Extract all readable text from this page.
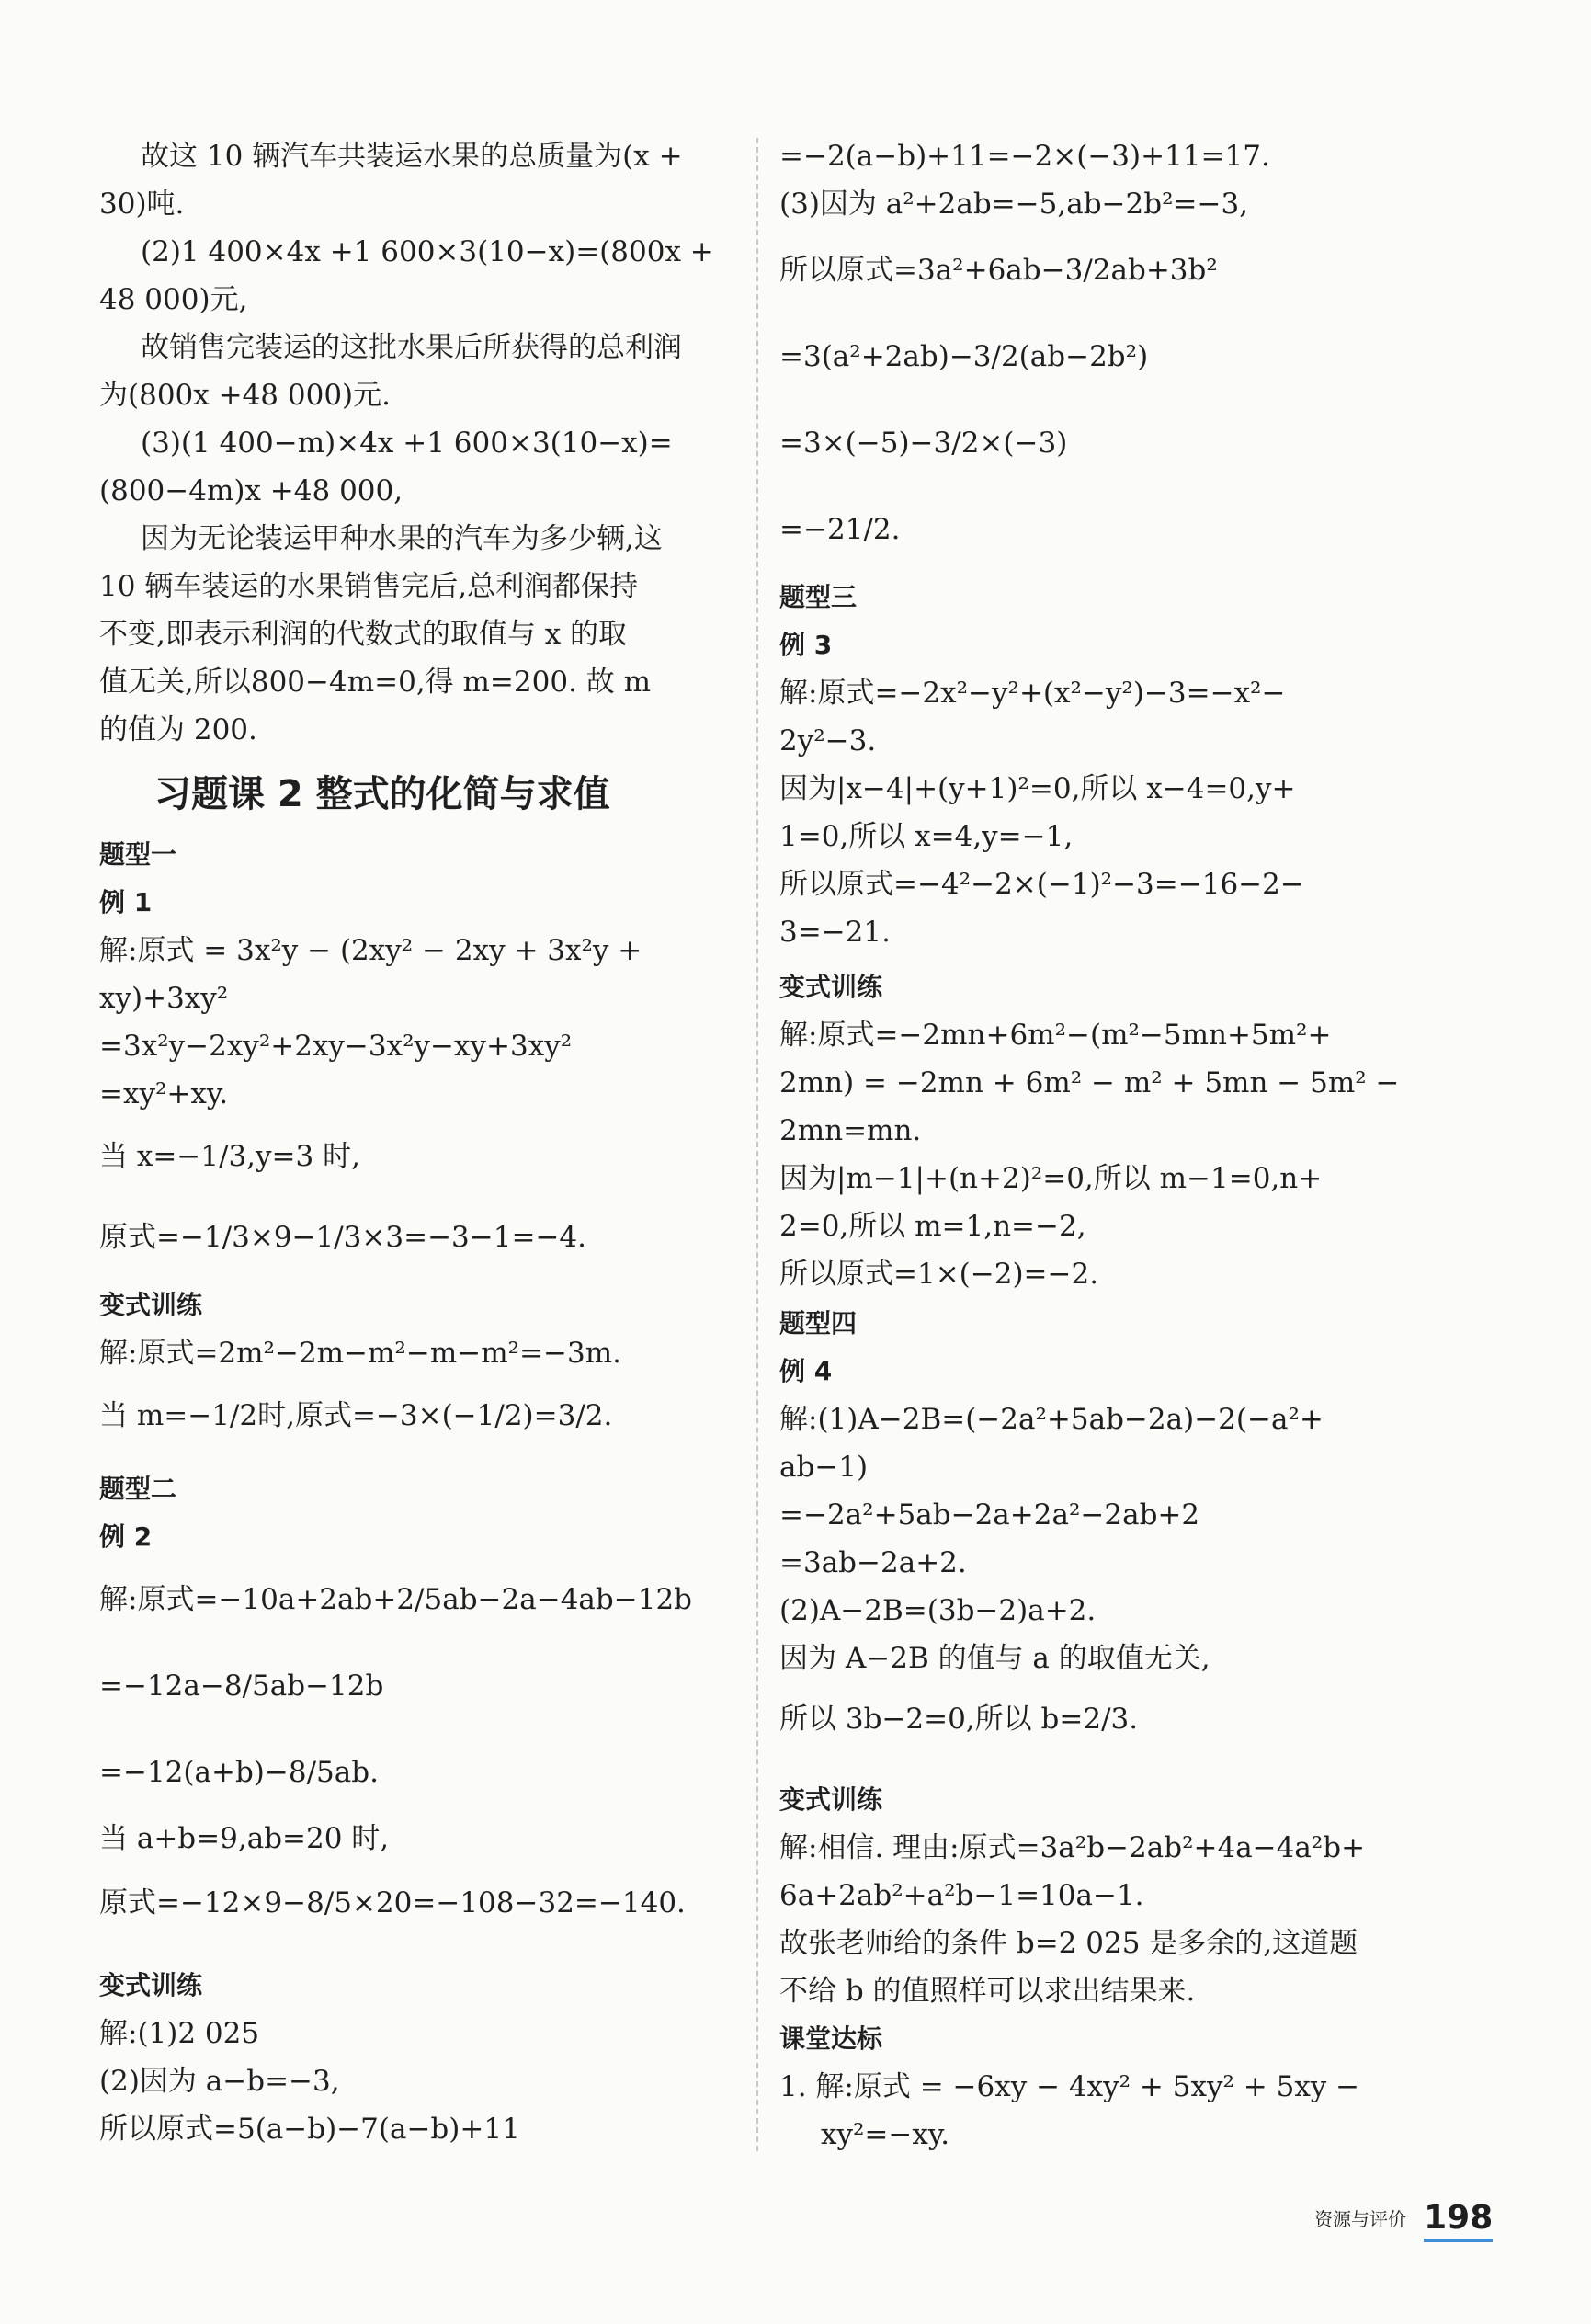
故这 10 辆汽车共装运水果的总质量为(x +
30)吨.
(2)1 400×4x +1 600×3(10−x)=(800x +
48 000)元,
故销售完装运的这批水果后所获得的总利润
为(800x +48 000)元.
(3)(1 400−m)×4x +1 600×3(10−x)=
(800−4m)x +48 000,
因为无论装运甲种水果的汽车为多少辆,这
10 辆车装运的水果销售完后,总利润都保持
不变,即表示利润的代数式的取值与 x 的取
值无关,所以800−4m=0,得 m=200. 故 m
的值为 200.
习题课 2 整式的化简与求值
题型一
例 1
解:原式 = 3x²y − (2xy² − 2xy + 3x²y +
xy)+3xy²
=3x²y−2xy²+2xy−3x²y−xy+3xy²
=xy²+xy.
当 x=−1/3,y=3 时,
原式=−1/3×9−1/3×3=−3−1=−4.
变式训练
解:原式=2m²−2m−m²−m−m²=−3m.
当 m=−1/2时,原式=−3×(−1/2)=3/2.
题型二
例 2
解:原式=−10a+2ab+2/5ab−2a−4ab−12b
=−12a−8/5ab−12b
=−12(a+b)−8/5ab.
当 a+b=9,ab=20 时,
原式=−12×9−8/5×20=−108−32=−140.
变式训练
解:(1)2 025
(2)因为 a−b=−3,
所以原式=5(a−b)−7(a−b)+11
=−2(a−b)+11=−2×(−3)+11=17.
(3)因为 a²+2ab=−5,ab−2b²=−3,
所以原式=3a²+6ab−3/2ab+3b²
=3(a²+2ab)−3/2(ab−2b²)
=3×(−5)−3/2×(−3)
=−21/2.
题型三
例 3
解:原式=−2x²−y²+(x²−y²)−3=−x²−
2y²−3.
因为|x−4|+(y+1)²=0,所以 x−4=0,y+
1=0,所以 x=4,y=−1,
所以原式=−4²−2×(−1)²−3=−16−2−
3=−21.
变式训练
解:原式=−2mn+6m²−(m²−5mn+5m²+
2mn) = −2mn + 6m² − m² + 5mn − 5m² −
2mn=mn.
因为|m−1|+(n+2)²=0,所以 m−1=0,n+
2=0,所以 m=1,n=−2,
所以原式=1×(−2)=−2.
题型四
例 4
解:(1)A−2B=(−2a²+5ab−2a)−2(−a²+
ab−1)
=−2a²+5ab−2a+2a²−2ab+2
=3ab−2a+2.
(2)A−2B=(3b−2)a+2.
因为 A−2B 的值与 a 的取值无关,
所以 3b−2=0,所以 b=2/3.
变式训练
解:相信. 理由:原式=3a²b−2ab²+4a−4a²b+
6a+2ab²+a²b−1=10a−1.
故张老师给的条件 b=2 025 是多余的,这道题
不给 b 的值照样可以求出结果来.
课堂达标
1. 解:原式 = −6xy − 4xy² + 5xy² + 5xy −
xy²=−xy.
资源与评价 198
